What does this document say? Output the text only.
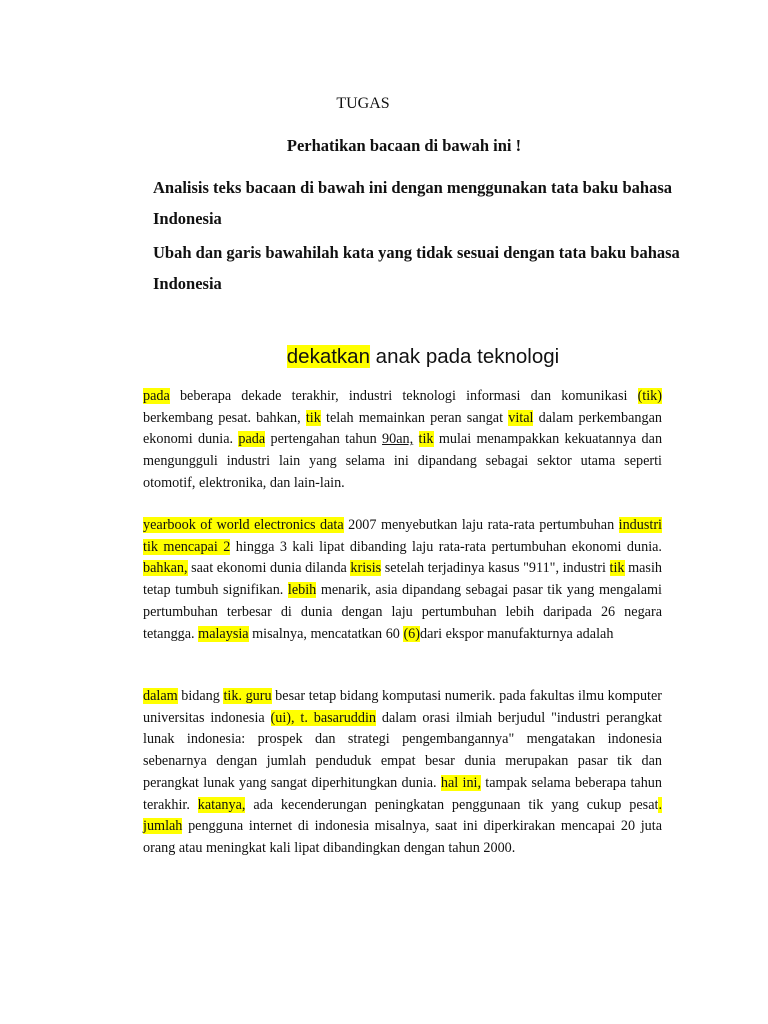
TUGAS
Perhatikan bacaan di bawah ini !
Analisis teks bacaan di bawah ini dengan menggunakan tata baku bahasa Indonesia
Ubah dan garis bawahilah kata yang tidak sesuai dengan tata baku bahasa Indonesia
dekatkan anak pada teknologi

pada beberapa dekade terakhir, industri teknologi informasi dan komunikasi (tik) berkembang pesat. bahkan, tik telah memainkan peran sangat vital dalam perkembangan ekonomi dunia. pada pertengahan tahun 90an, tik mulai menampakkan kekuatannya dan mengungguli industri lain yang selama ini dipandang sebagai sektor utama seperti otomotif, elektronika, dan lain-lain.

yearbook of world electronics data 2007 menyebutkan laju rata-rata pertumbuhan industri tik mencapai 2 hingga 3 kali lipat dibanding laju rata-rata pertumbuhan ekonomi dunia. bahkan, saat ekonomi dunia dilanda krisis setelah terjadinya kasus "911", industri tik masih tetap tumbuh signifikan. lebih menarik, asia dipandang sebagai pasar tik yang mengalami pertumbuhan terbesar di dunia dengan laju pertumbuhan lebih daripada 26 negara tetangga. malaysia misalnya, mencatatkan 60 (6)dari ekspor manufakturnya adalah

dalam bidang tik. guru besar tetap bidang komputasi numerik. pada fakultas ilmu komputer universitas indonesia (ui), t. basaruddin dalam orasi ilmiah berjudul "industri perangkat lunak indonesia: prospek dan strategi pengembangannya" mengatakan indonesia sebenarnya dengan jumlah penduduk empat besar dunia merupakan pasar tik dan perangkat lunak yang sangat diperhitungkan dunia. hal ini, tampak selama beberapa tahun terakhir. katanya, ada kecenderungan peningkatan penggunaan tik yang cukup pesat. jumlah pengguna internet di indonesia misalnya, saat ini diperkirakan mencapai 20 juta orang atau meningkat kali lipat dibandingkan dengan tahun 2000.
